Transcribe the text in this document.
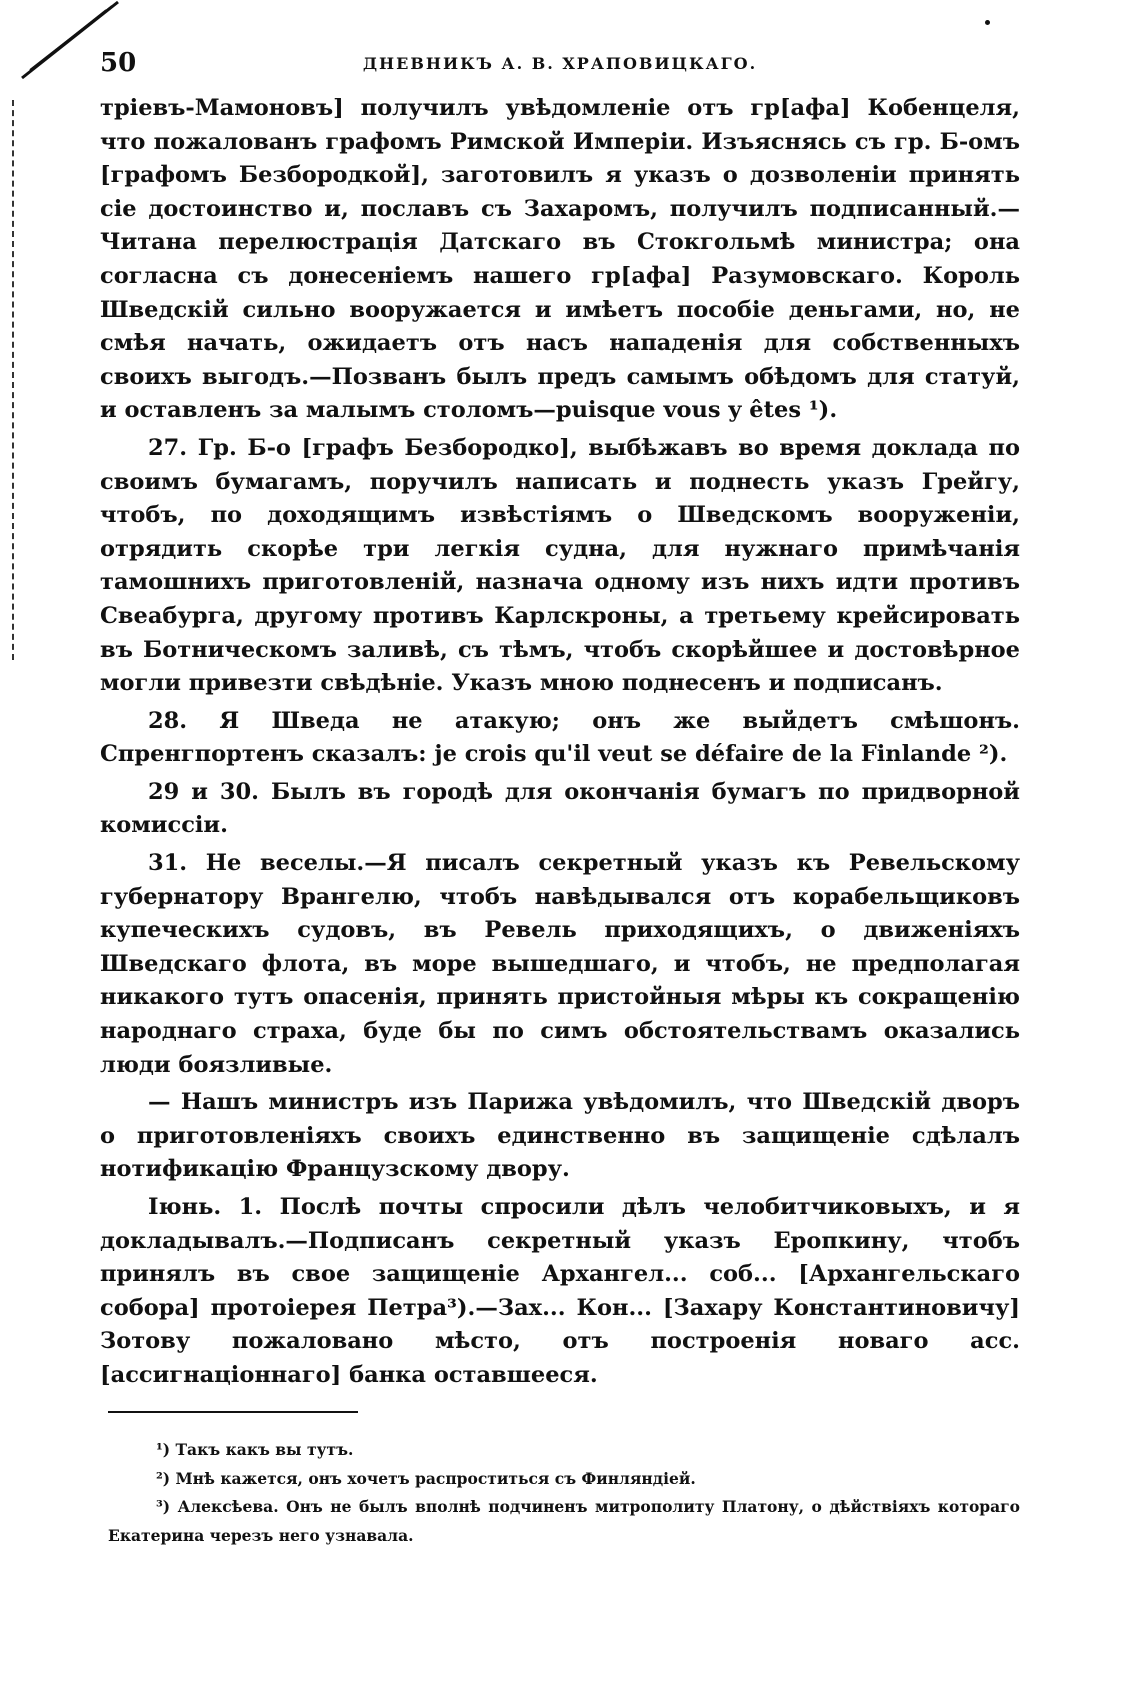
50	ДНЕВНИКЪ А. В. ХРАПОВИЦКАГО.

тріевъ-Мамоновъ] получилъ увѣдомленіе отъ гр[афа] Кобенцеля, что пожалованъ графомъ Римской Имперіи. Изъяснясь съ гр. Б-омъ [графомъ Безбородкой], заготовилъ я указъ о дозволеніи принять сіе достоинство и, пославъ съ Захаромъ, получилъ подписанный.—Читана перелюстрація Датскаго въ Стокгольмѣ министра; она согласна съ донесеніемъ нашего гр[афа] Разумовскаго. Король Шведскій сильно вооружается и имѣетъ пособіе деньгами, но, не смѣя начать, ожидаетъ отъ насъ нападенія для собственныхъ своихъ выгодъ.—Позванъ былъ предъ самымъ обѣдомъ для статуй, и оставленъ за малымъ столомъ—puisque vous y êtes ¹).

27. Гр. Б-о [графъ Безбородко], выбѣжавъ во время доклада по своимъ бумагамъ, поручилъ написать и поднесть указъ Грейгу, чтобъ, по доходящимъ извѣстіямъ о Шведскомъ вооруженіи, отрядить скорѣе три легкія судна, для нужнаго примѣчанія тамошнихъ приготовленій, назнача одному изъ нихъ идти противъ Свеабурга, другому противъ Карлскроны, а третьему крейсировать въ Ботническомъ заливѣ, съ тѣмъ, чтобъ скорѣйшее и достовѣрное могли привезти свѣдѣніе. Указъ мною поднесенъ и подписанъ.

28. Я Шведа не атакую; онъ же выйдетъ смѣшонъ. Спренгпортенъ сказалъ: je crois qu'il veut se défaire de la Finlande ²).

29 и 30. Былъ въ городѣ для окончанія бумагъ по придворной комиссіи.

31. Не веселы.—Я писалъ секретный указъ къ Ревельскому губернатору Врангелю, чтобъ навѣдывался отъ корабельщиковъ купеческихъ судовъ, въ Ревель приходящихъ, о движеніяхъ Шведскаго флота, въ море вышедшаго, и чтобъ, не предполагая никакого тутъ опасенія, принять пристойныя мѣры къ сокращенію народнаго страха, буде бы по симъ обстоятельствамъ оказались люди боязливые.

— Нашъ министръ изъ Парижа увѣдомилъ, что Шведскій дворъ о приготовленіяхъ своихъ единственно въ защищеніе сдѣлалъ нотификацію Французскому двору.

Іюнь. 1. Послѣ почты спросили дѣлъ челобитчиковыхъ, и я докладывалъ.—Подписанъ секретный указъ Еропкину, чтобъ принялъ въ свое защищеніе Архангел... соб... [Архангельскаго собора] протоіерея Петра³).—Зах... Кон... [Захару Константиновичу] Зотову пожаловано мѣсто, отъ построенія новаго асс. [ассигнаціоннаго] банка оставшееся.

¹) Такъ какъ вы тутъ.

²) Мнѣ кажется, онъ хочетъ распроститься съ Финляндіей.

³) Алексѣева. Онъ не былъ вполнѣ подчиненъ митрополиту Платону, о дѣйствіяхъ котораго Екатерина черезъ него узнавала.
